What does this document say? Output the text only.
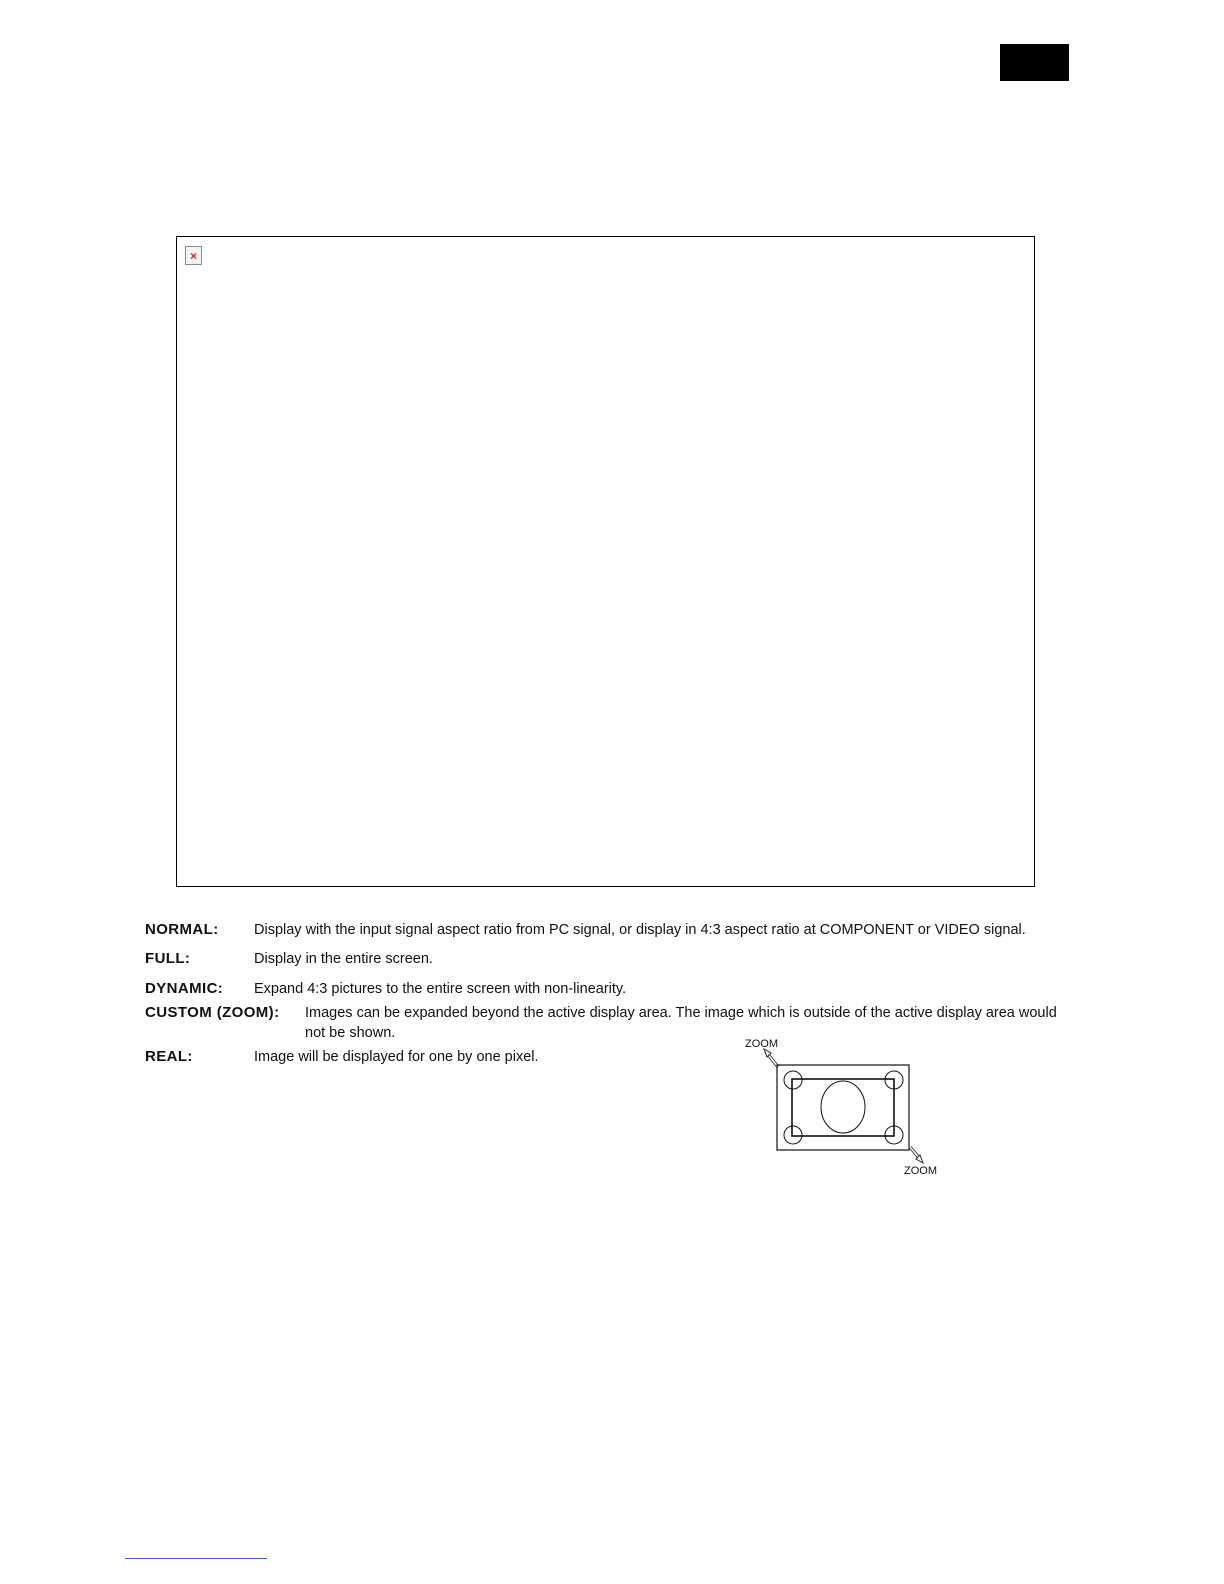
×
NORMAL: Display with the input signal aspect ratio from PC signal, or display in 4:3 aspect ratio at COMPONENT or VIDEO signal.
FULL:	Display in the entire screen.
DYNAMIC: Expand 4:3 pictures to the entire screen with non-linearity.
CUSTOM (ZOOM): Images can be expanded beyond the active display area. The image which is outside of the active display area would not be shown.
REAL:	Image will be displayed for one by one pixel.
ZOOM
ZOOM
